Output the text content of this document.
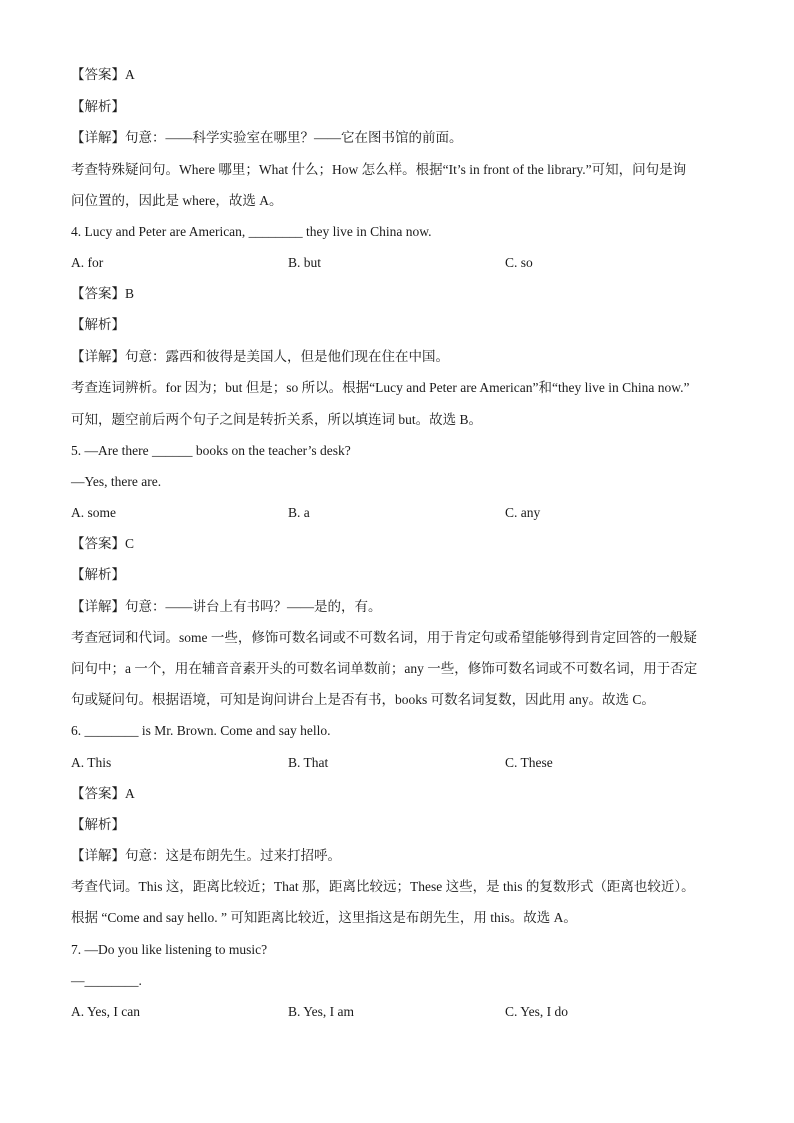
【答案】A
【解析】
【详解】句意：——科学实验室在哪里？——它在图书馆的前面。
考查特殊疑问句。Where 哪里；What 什么；How 怎么样。根据“It’s in front of the library.”可知，问句是询
问位置的，因此是 where，故选 A。
4. Lucy and Peter are American, ________ they live in China now.
A. for	B. but	C. so
【答案】B
【解析】
【详解】句意：露西和彼得是美国人，但是他们现在住在中国。
考查连词辨析。for 因为；but 但是；so 所以。根据“Lucy and Peter are American”和“they live in China now.”
可知，题空前后两个句子之间是转折关系，所以填连词 but。故选 B。
5. —Are there ______ books on the teacher’s desk?
—Yes, there are.
A. some	B. a	C. any
【答案】C
【解析】
【详解】句意：——讲台上有书吗？——是的，有。
考查冠词和代词。some 一些，修饰可数名词或不可数名词，用于肯定句或希望能够得到肯定回答的一般疑
问句中；a 一个，用在辅音音素开头的可数名词单数前；any 一些，修饰可数名词或不可数名词，用于否定
句或疑问句。根据语境，可知是询问讲台上是否有书，books 可数名词复数，因此用 any。故选 C。
6. ________ is Mr. Brown. Come and say hello.
A. This	B. That	C. These
【答案】A
【解析】
【详解】句意：这是布朗先生。过来打招呼。
考查代词。This 这，距离比较近；That 那，距离比较远；These 这些，是 this 的复数形式（距离也较近）。
根据 “Come and say hello. ” 可知距离比较近，这里指这是布朗先生，用 this。故选 A。
7. —Do you like listening to music?
—________.
A. Yes, I can	B. Yes, I am	C. Yes, I do
